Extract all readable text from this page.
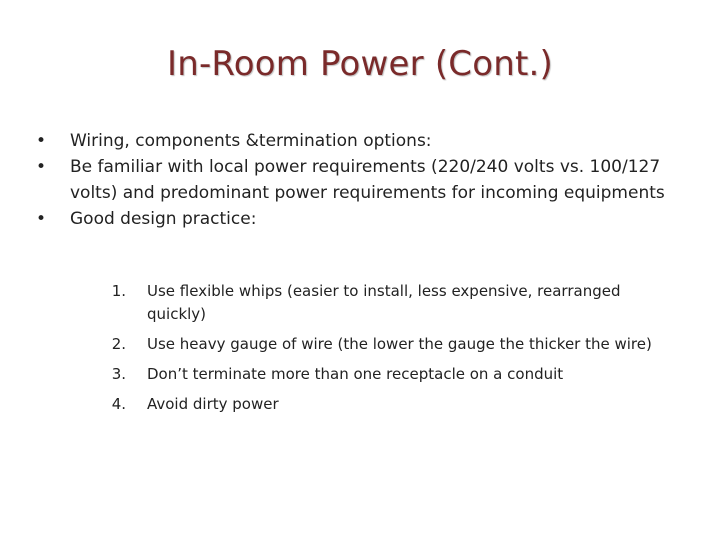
In-Room Power (Cont.)
•	Wiring, components &termination options:
•	Be familiar with local power requirements (220/240 volts vs. 100/127 volts) and predominant power requirements for incoming equipments
•	Good design practice:
1. Use flexible whips (easier to install, less expensive, rearranged quickly)
2. Use heavy gauge of wire (the lower the gauge the thicker the wire)
3. Don’t terminate more than one receptacle on a conduit
4. Avoid dirty power
